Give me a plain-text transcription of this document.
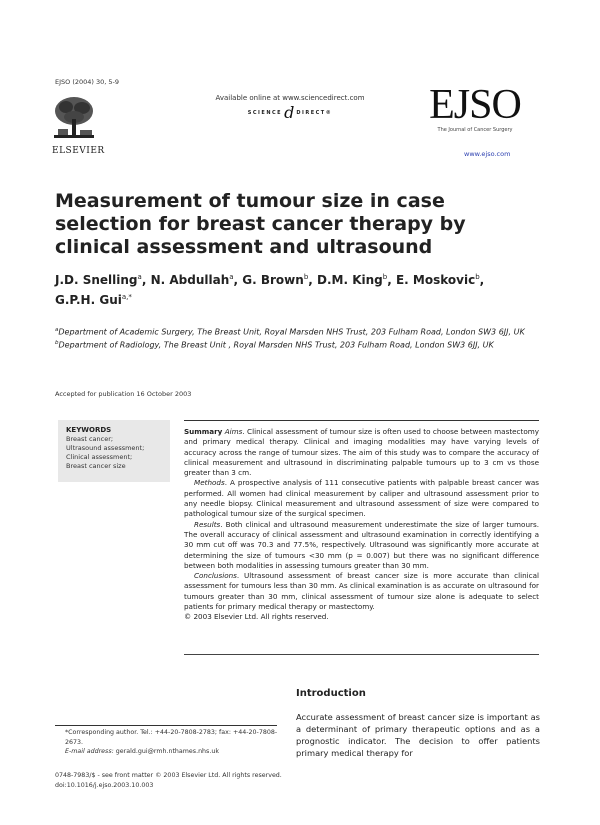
EJSO (2004) 30, 5-9
ELSEVIER
Available online at www.sciencedirect.com
SCIENCE d DIRECT® EJSO
The Journal of Cancer Surgery
www.ejso.com
Measurement of tumour size in case selection for breast cancer therapy by clinical assessment and ultrasound
J.D. Snelling$^a$, N. Abdullah$^a$, G. Brown$^b$, D.M. King$^b$, E. Moskovic$^b$,
G.P.H. Gui$^{a,*}$
$^a$Department of Academic Surgery, The Breast Unit, Royal Marsden NHS Trust, 203 Fulham Road, London SW3 6JJ, UK
$^b$Department of Radiology, The Breast Unit , Royal Marsden NHS Trust, 203 Fulham Road, London SW3 6JJ, UK
Accepted for publication 16 October 2003
KEYWORDS
Breast cancer;
Ultrasound assessment;
Clinical assessment;
Breast cancer size

Summary Aims. Clinical assessment of tumour size is often used to choose between mastectomy and primary medical therapy. Clinical and imaging modalities may have varying levels of accuracy across the range of tumour sizes. The aim of this study was to compare the accuracy of clinical measurement and ultrasound in discriminating palpable tumours up to 3 cm vs those greater than 3 cm.

Methods. A prospective analysis of 111 consecutive patients with palpable breast cancer was performed. All women had clinical measurement by caliper and ultrasound assessment prior to any needle biopsy. Clinical measurement and ultrasound assessment of size were compared to pathological tumour size of the surgical specimen.

Results. Both clinical and ultrasound measurement underestimate the size of larger tumours. The overall accuracy of clinical assessment and ultrasound examination in correctly identifying a 30 mm cut off was 70.3 and 77.5%, respectively. Ultrasound was significantly more accurate at determining the size of tumours <30 mm (p = 0.007) but there was no significant difference between both modalities in assessing tumours greater than 30 mm.

Conclusions. Ultrasound assessment of breast cancer size is more accurate than clinical assessment for tumours less than 30 mm. As clinical examination is as accurate on ultrasound for tumours greater than 30 mm, clinical assessment of tumour size alone is adequate to select patients for primary medical therapy or mastectomy.

© 2003 Elsevier Ltd. All rights reserved.

Introduction

Accurate assessment of breast cancer size is important as a determinant of primary therapeutic options and as a prognostic indicator. The decision to offer patients primary medical therapy for

*Corresponding author. Tel.: +44-20-7808-2783; fax: +44-20-7808-2673.
E-mail address: gerald.gui@rmh.nthames.nhs.uk
0748-7983/$ - see front matter © 2003 Elsevier Ltd. All rights reserved.
doi:10.1016/j.ejso.2003.10.003
